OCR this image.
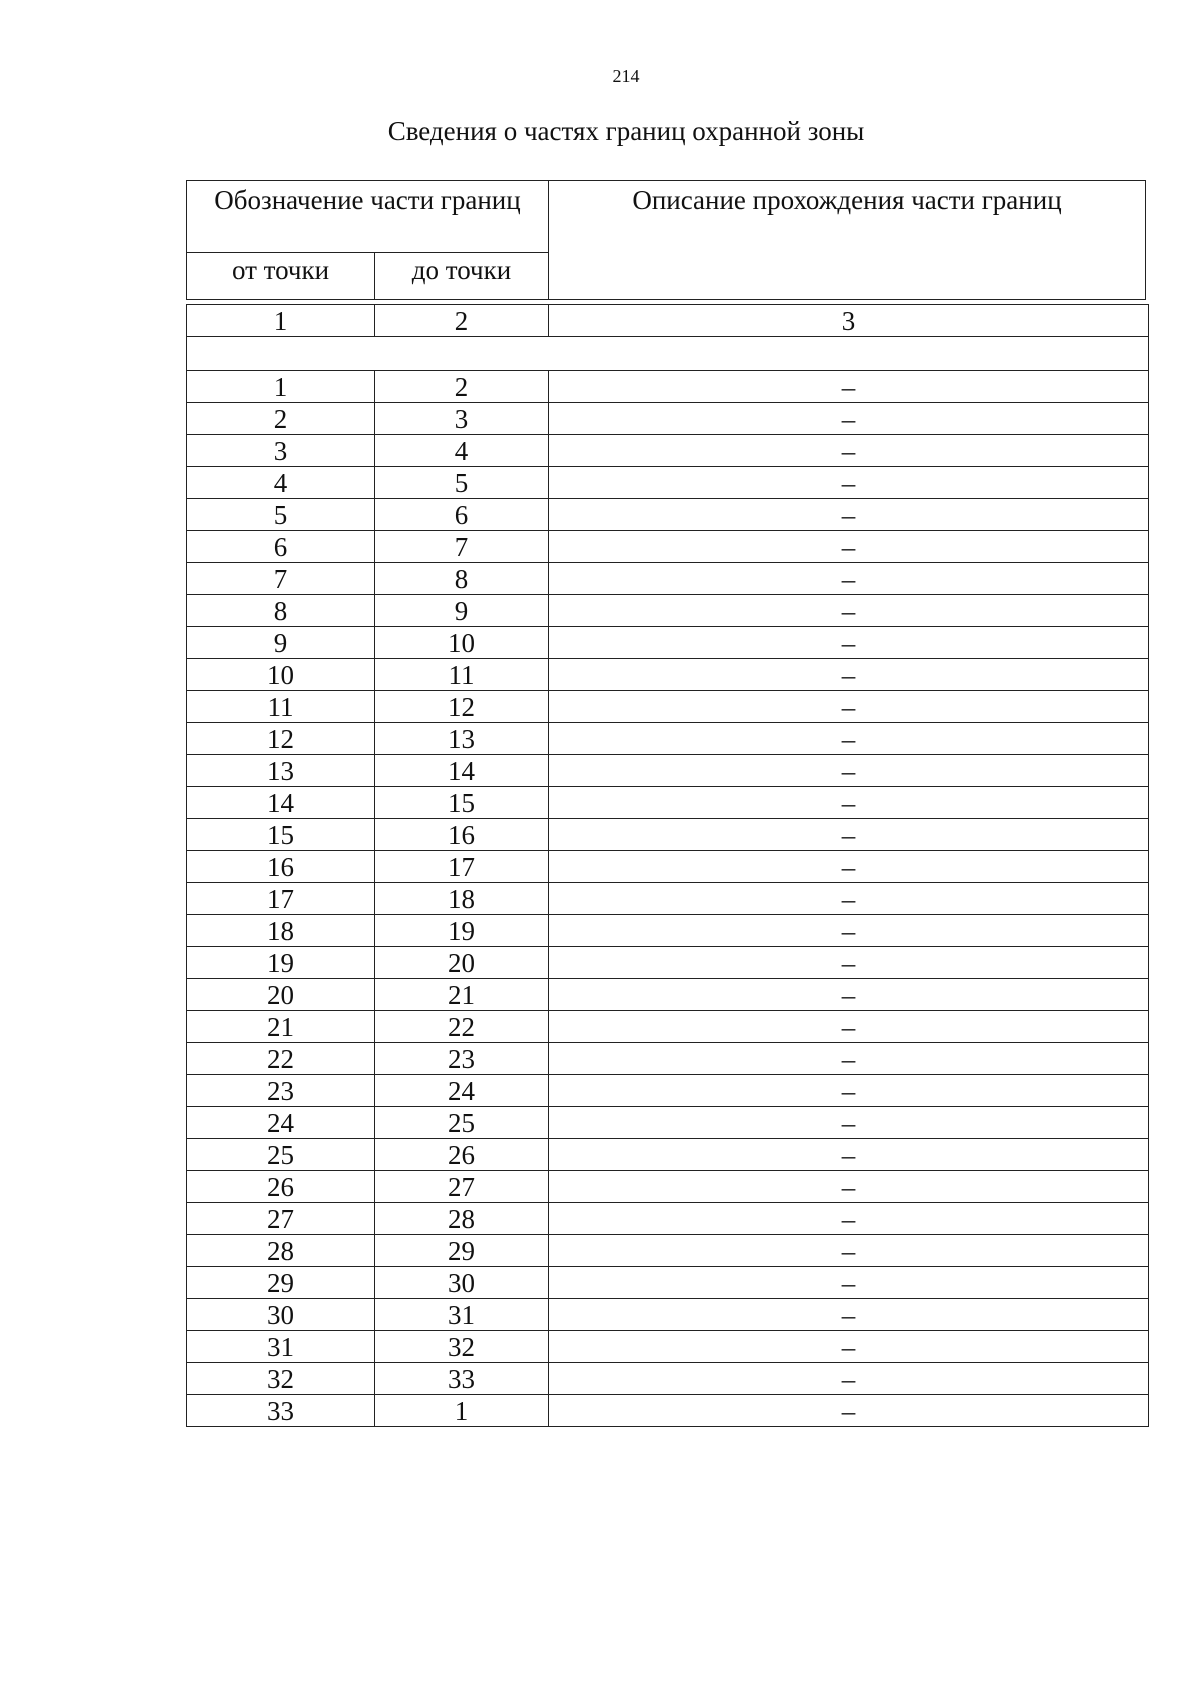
214
Сведения о частях границ охранной зоны
Обозначение части границ	Описание прохождения части границ
от точки	до точки
1	2	3

1	2	–
2	3	–
3	4	–
4	5	–
5	6	–
6	7	–
7	8	–
8	9	–
9	10	–
10	11	–
11	12	–
12	13	–
13	14	–
14	15	–
15	16	–
16	17	–
17	18	–
18	19	–
19	20	–
20	21	–
21	22	–
22	23	–
23	24	–
24	25	–
25	26	–
26	27	–
27	28	–
28	29	–
29	30	–
30	31	–
31	32	–
32	33	–
33	1	–
